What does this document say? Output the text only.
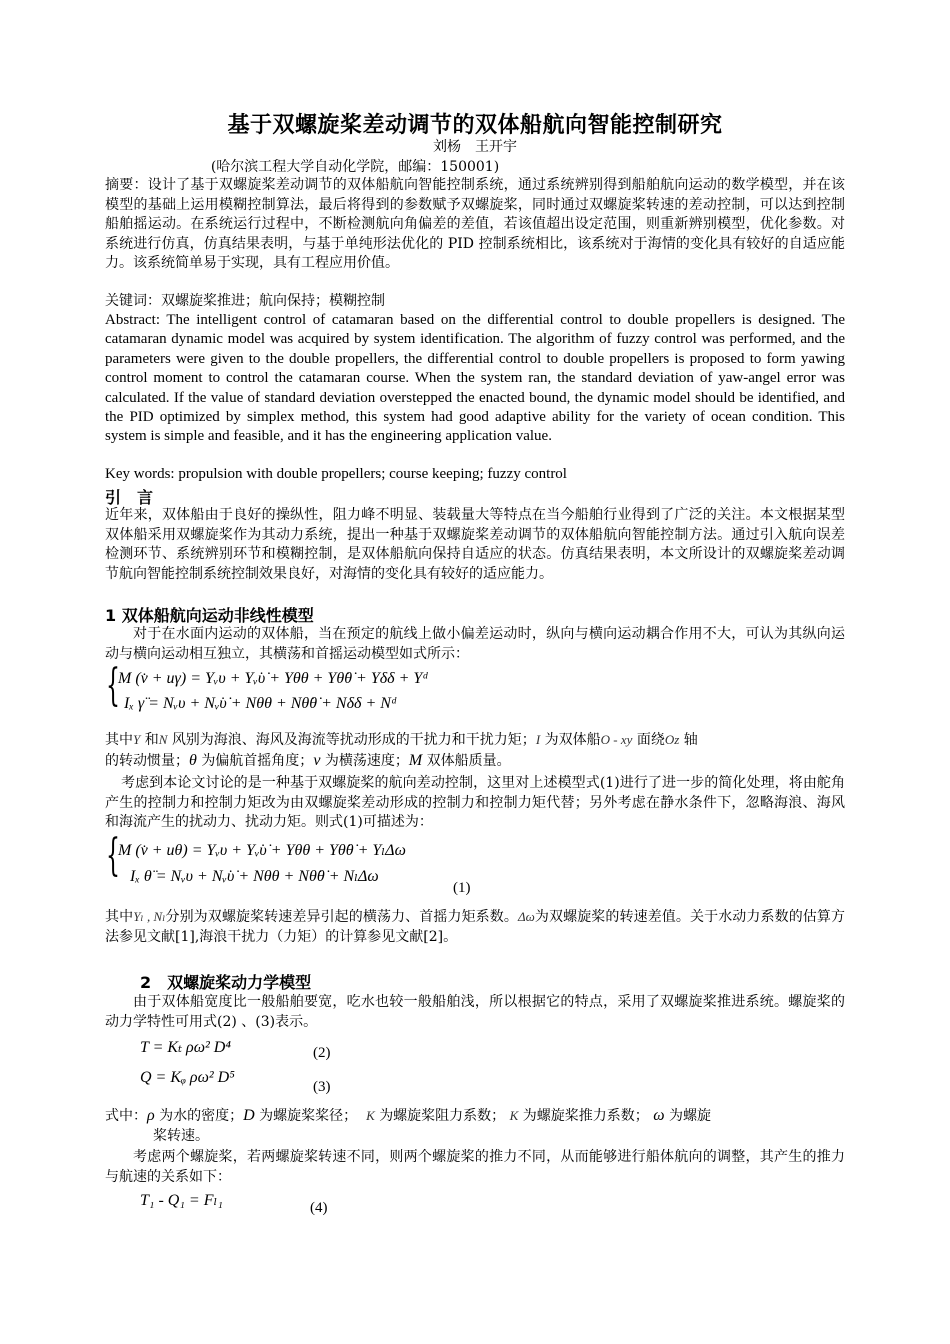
基于双螺旋桨差动调节的双体船航向智能控制研究
刘杨　王开宇
(哈尔滨工程大学自动化学院，邮编：150001)
摘要：设计了基于双螺旋桨差动调节的双体船航向智能控制系统，通过系统辨别得到船舶航向运动的数学模型，并在该模型的基础上运用模糊控制算法，最后将得到的参数赋予双螺旋桨，同时通过双螺旋桨转速的差动控制，可以达到控制船舶摇运动。在系统运行过程中，不断检测航向角偏差的差值，若该值超出设定范围，则重新辨别模型，优化参数。对系统进行仿真，仿真结果表明，与基于单纯形法优化的 PID 控制系统相比，该系统对于海情的变化具有较好的自适应能力。该系统简单易于实现，具有工程应用价值。
关键词：双螺旋桨推进；航向保持；模糊控制
Abstract: The intelligent control of catamaran based on the differential control to double propellers is designed. The catamaran dynamic model was acquired by system identification. The algorithm of fuzzy control was performed, and the parameters were given to the double propellers, the differential control to double propellers is proposed to form yawing control moment to control the catamaran course. When the system ran, the standard deviation of yaw-angel error was calculated. If the value of standard deviation overstepped the enacted bound, the dynamic model should be identified, and the PID optimized by simplex method, this system had good adaptive ability for the variety of ocean condition. This system is simple and feasible, and it has the engineering application value.
Key words: propulsion with double propellers; course keeping; fuzzy control
引　言
近年来，双体船由于良好的操纵性，阻力峰不明显、装载量大等特点在当今船舶行业得到了广泛的关注。本文根据某型双体船采用双螺旋桨作为其动力系统，提出一种基于双螺旋桨差动调节的双体船航向智能控制方法。通过引入航向误差检测环节、系统辨别环节和模糊控制，是双体船航向保持自适应的状态。仿真结果表明，本文所设计的双螺旋桨差动调节航向智能控制系统控制效果良好，对海情的变化具有较好的适应能力。
1 双体船航向运动非线性模型
对于在水面内运动的双体船，当在预定的航线上做小偏差运动时，纵向与横向运动耦合作用不大，可认为其纵向运动与横向运动相互独立，其横荡和首摇运动模型如式所示：
{
M (v̇ + uγ) = Yᵥυ + Yᵥ̇υ̇ + Yθθ + Yθ̇θ̇ + Yδδ + Yᵈ
Iₓ γ̈ = Nᵥυ + Nᵥ̇υ̇ + Nθθ + Nθ̇θ̇ + Nδδ + Nᵈ
其中Y 和N 风别为海浪、海风及海流等扰动形成的干扰力和干扰力矩；I 为双体船O - xy 面绕Oz 轴
的转动惯量；θ 为偏航首摇角度；v 为横荡速度；M 双体船质量。
考虑到本论文讨论的是一种基于双螺旋桨的航向差动控制，这里对上述模型式(1)进行了进一步的简化处理，将由舵角产生的控制力和控制力矩改为由双螺旋桨差动形成的控制力和控制力矩代替；另外考虑在静水条件下，忽略海浪、海风和海流产生的扰动力、扰动力矩。则式(1)可描述为：
{
M (v̇ + uθ) = Yᵥυ + Yᵥ̇υ̇ + Yθθ + Yθ̇θ̇ + YₗΔω
Iₓ θ̈ = Nᵥυ + Nᵥ̇υ̇ + Nθθ + Nθ̇θ̇ + NₗΔω
(1)
其中Yₗ , Nₗ分别为双螺旋桨转速差异引起的横荡力、首摇力矩系数。Δω为双螺旋桨的转速差值。关于水动力系数的估算方法参见文献[1],海浪干扰力（力矩）的计算参见文献[2]。
2　双螺旋桨动力学模型
由于双体船宽度比一般船舶要宽，吃水也较一般船舶浅，所以根据它的特点，采用了双螺旋桨推进系统。螺旋桨的动力学特性可用式(2) 、(3)表示。
T = Kₜ ρω² D⁴	(2)
Q = Kᵩ ρω² D⁵
(3)
式中：ρ 为水的密度；D 为螺旋桨桨径； K 为螺旋桨阻力系数； K 为螺旋桨推力系数； ω 为螺旋
桨转速。
考虑两个螺旋桨，若两螺旋桨转速不同，则两个螺旋桨的推力不同，从而能够进行船体航向的调整，其产生的推力与航速的关系如下：
T₁ - Q₁ = Fₗ₁	(4)
